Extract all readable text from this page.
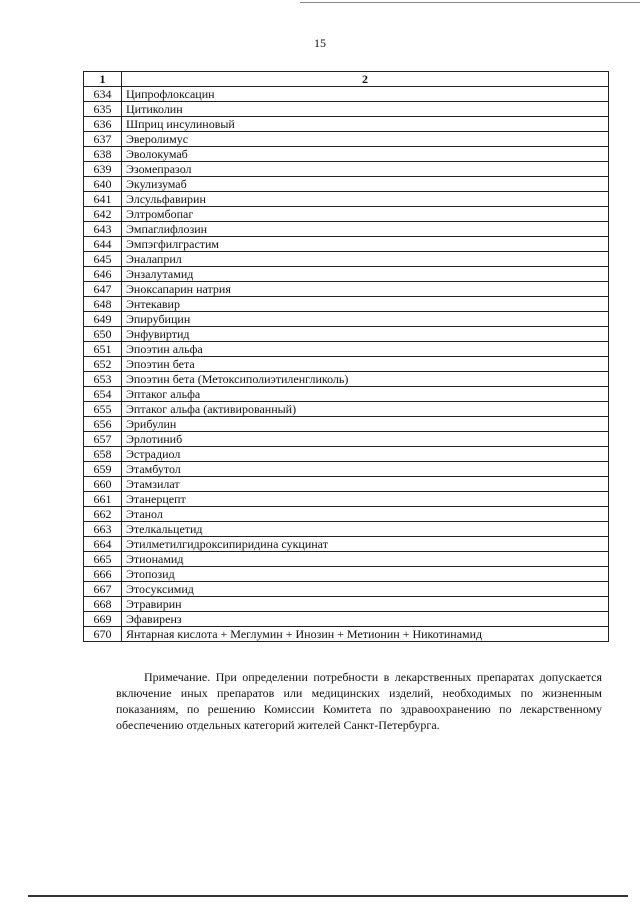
15
1	2
634	Ципрофлоксацин
635	Цитиколин
636	Шприц инсулиновый
637	Эверолимус
638	Эволокумаб
639	Эзомепразол
640	Экулизумаб
641	Элсульфавирин
642	Элтромбопаг
643	Эмпаглифлозин
644	Эмпэгфилграстим
645	Эналаприл
646	Энзалутамид
647	Эноксапарин натрия
648	Энтекавир
649	Эпирубицин
650	Энфувиртид
651	Эпоэтин альфа
652	Эпоэтин бета
653	Эпоэтин бета (Метоксиполиэтиленгликоль)
654	Эптаког альфа
655	Эптаког альфа (активированный)
656	Эрибулин
657	Эрлотиниб
658	Эстрадиол
659	Этамбутол
660	Этамзилат
661	Этанерцепт
662	Этанол
663	Этелкальцетид
664	Этилметилгидроксипиридина сукцинат
665	Этионамид
666	Этопозид
667	Этосуксимид
668	Этравирин
669	Эфавиренз
670	Янтарная кислота + Меглумин + Инозин + Метионин + Никотинамид

Примечание. При определении потребности в лекарственных препаратах допускается включение иных препаратов или медицинских изделий, необходимых по жизненным показаниям, по решению Комиссии Комитета по здравоохранению по лекарственному обеспечению отдельных категорий жителей Санкт-Петербурга.
